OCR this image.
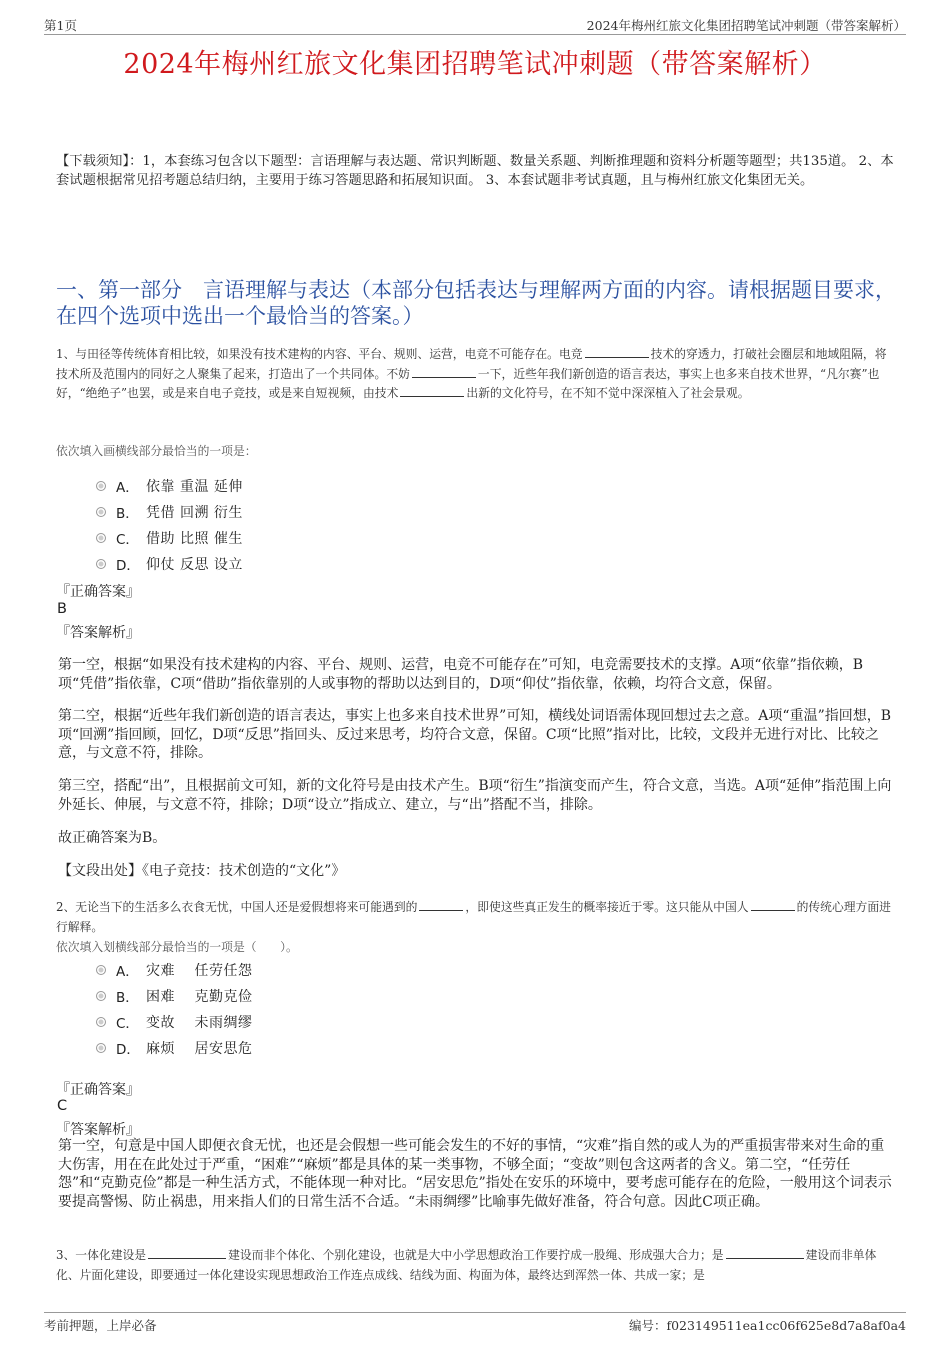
第1页	2024年梅州红旅文化集团招聘笔试冲刺题（带答案解析）
2024年梅州红旅文化集团招聘笔试冲刺题（带答案解析）
【下载须知】：1，本套练习包含以下题型：言语理解与表达题、常识判断题、数量关系题、判断推理题和资料分析题等题型；共135道。 2、本套试题根据常见招考题总结归纳，主要用于练习答题思路和拓展知识面。 3、本套试题非考试真题，且与梅州红旅文化集团无关。
一、第一部分　言语理解与表达（本部分包括表达与理解两方面的内容。请根据题目要求，在四个选项中选出一个最恰当的答案。）
1、与田径等传统体育相比较，如果没有技术建构的内容、平台、规则、运营，电竞不可能存在。电竞	技术的穿透力，打破社会圈层和地域阻隔，将技术所及范围内的同好之人聚集了起来，打造出了一个共同体。不妨	一下，近些年我们新创造的语言表达，事实上也多来自技术世界，“凡尔赛”也好，“绝绝子”也罢，或是来自电子竞技，或是来自短视频，由技术	出新的文化符号，在不知不觉中深深植入了社会景观。
依次填入画横线部分最恰当的一项是：
A． 依靠 重温 延伸
B． 凭借 回溯 衍生
C． 借助 比照 催生
D． 仰仗 反思 设立
『正确答案』
B
『答案解析』
第一空，根据“如果没有技术建构的内容、平台、规则、运营，电竞不可能存在”可知，电竞需要技术的支撑。A项“依靠”指依赖，B项“凭借”指依靠，C项“借助”指依靠别的人或事物的帮助以达到目的，D项“仰仗”指依靠，依赖，均符合文意，保留。
第二空，根据“近些年我们新创造的语言表达，事实上也多来自技术世界”可知，横线处词语需体现回想过去之意。A项“重温”指回想，B项“回溯”指回顾，回忆，D项“反思”指回头、反过来思考，均符合文意，保留。C项“比照”指对比，比较，文段并无进行对比、比较之意，与文意不符，排除。
第三空，搭配“出”，且根据前文可知，新的文化符号是由技术产生。B项“衍生”指演变而产生，符合文意，当选。A项“延伸”指范围上向外延长、伸展，与文意不符，排除；D项“设立”指成立、建立，与“出”搭配不当，排除。
故正确答案为B。
【文段出处】《电子竞技：技术创造的“文化”》
2、无论当下的生活多么衣食无忧，中国人还是爱假想将来可能遇到的	，即使这些真正发生的概率接近于零。这只能从中国人	的传统心理方面进行解释。
依次填入划横线部分最恰当的一项是（　　）。
A． 灾难　 任劳任怨
B． 困难　 克勤克俭
C． 变故　 未雨绸缪
D． 麻烦　 居安思危
『正确答案』
C
『答案解析』
第一空，句意是中国人即便衣食无忧，也还是会假想一些可能会发生的不好的事情，“灾难”指自然的或人为的严重损害带来对生命的重大伤害，用在在此处过于严重，“困难”“麻烦”都是具体的某一类事物，不够全面；“变故”则包含这两者的含义。第二空，“任劳任怨”和“克勤克俭”都是一种生活方式，不能体现一种对比。“居安思危”指处在安乐的环境中，要考虑可能存在的危险，一般用这个词表示要提高警惕、防止祸患，用来指人们的日常生活不合适。“未雨绸缪”比喻事先做好准备，符合句意。因此C项正确。
3、一体化建设是	建设而非个体化、个别化建设，也就是大中小学思想政治工作要拧成一股绳、形成强大合力；是	建设而非单体化、片面化建设，即要通过一体化建设实现思想政治工作连点成线、结线为面、构面为体，最终达到浑然一体、共成一家；是
考前押题，上岸必备	编号：f023149511ea1cc06f625e8d7a8af0a4
